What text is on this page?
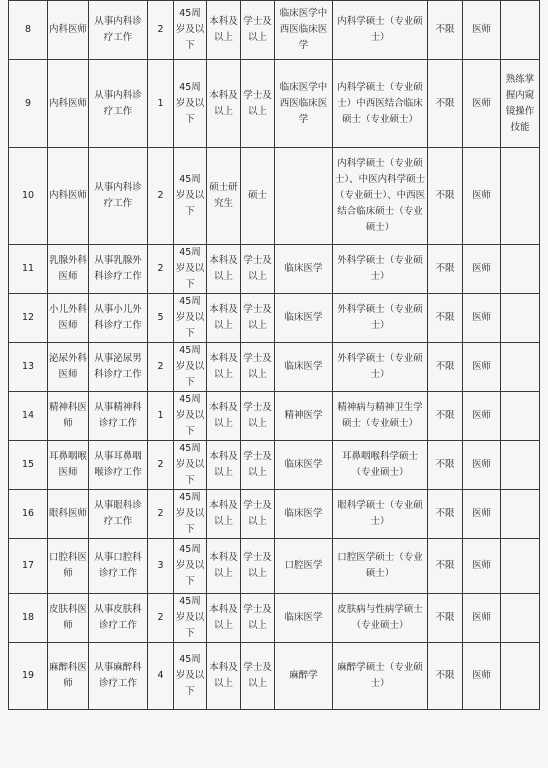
8	内科医师	从事内科诊疗工作	2	45周岁及以下	本科及以上	学士及以上	临床医学中西医临床医学	内科学硕士（专业硕士）	不限	医师	
9	内科医师	从事内科诊疗工作	1	45周岁及以下	本科及以上	学士及以上	临床医学中西医临床医学	内科学硕士（专业硕士）中西医结合临床硕士（专业硕士）	不限	医师	熟练掌握内窥镜操作技能
10	内科医师	从事内科诊疗工作	2	45周岁及以下	硕士研究生	硕士		内科学硕士（专业硕士）、中医内科学硕士（专业硕士）、中西医结合临床硕士（专业硕士）	不限	医师	
11	乳腺外科医师	从事乳腺外科诊疗工作	2	45周岁及以下	本科及以上	学士及以上	临床医学	外科学硕士（专业硕士）	不限	医师	
12	小儿外科医师	从事小儿外科诊疗工作	5	45周岁及以下	本科及以上	学士及以上	临床医学	外科学硕士（专业硕士）	不限	医师	
13	泌尿外科医师	从事泌尿男科诊疗工作	2	45周岁及以下	本科及以上	学士及以上	临床医学	外科学硕士（专业硕士）	不限	医师	
14	精神科医师	从事精神科诊疗工作	1	45周岁及以下	本科及以上	学士及以上	精神医学	精神病与精神卫生学硕士（专业硕士）	不限	医师	
15	耳鼻咽喉医师	从事耳鼻咽喉诊疗工作	2	45周岁及以下	本科及以上	学士及以上	临床医学	耳鼻咽喉科学硕士（专业硕士）	不限	医师	
16	眼科医师	从事眼科诊疗工作	2	45周岁及以下	本科及以上	学士及以上	临床医学	眼科学硕士（专业硕士）	不限	医师	
17	口腔科医师	从事口腔科诊疗工作	3	45周岁及以下	本科及以上	学士及以上	口腔医学	口腔医学硕士（专业硕士）	不限	医师	
18	皮肤科医师	从事皮肤科诊疗工作	2	45周岁及以下	本科及以上	学士及以上	临床医学	皮肤病与性病学硕士（专业硕士）	不限	医师	
19	麻醉科医师	从事麻醉科诊疗工作	4	45周岁及以下	本科及以上	学士及以上	麻醉学	麻醉学硕士（专业硕士）	不限	医师	
